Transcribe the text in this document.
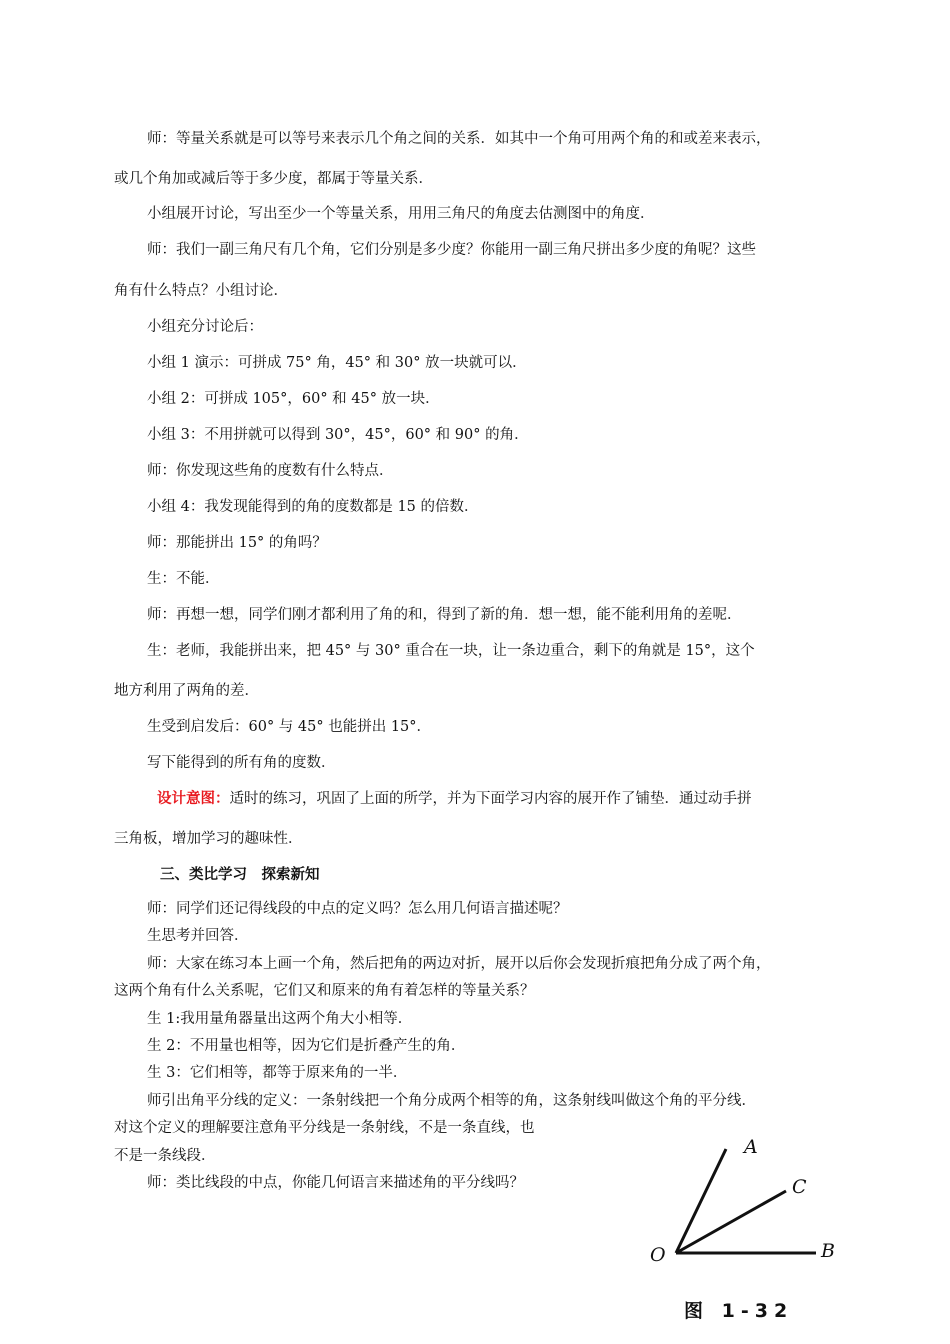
师：等量关系就是可以等号来表示几个角之间的关系．如其中一个角可用两个角的和或差来表示，

或几个角加或减后等于多少度，都属于等量关系．

小组展开讨论，写出至少一个等量关系，用用三角尺的角度去估测图中的角度．

师：我们一副三角尺有几个角，它们分别是多少度？你能用一副三角尺拼出多少度的角呢？这些

角有什么特点？小组讨论．

小组充分讨论后：

小组 1 演示：可拼成 75° 角，45° 和 30° 放一块就可以．

小组 2：可拼成 105°，60° 和 45° 放一块．

小组 3：不用拼就可以得到 30°，45°，60° 和 90° 的角．

师：你发现这些角的度数有什么特点．

小组 4：我发现能得到的角的度数都是 15 的倍数．

师：那能拼出 15° 的角吗？

生：不能．

师：再想一想，同学们刚才都利用了角的和，得到了新的角．想一想，能不能利用角的差呢．

生：老师，我能拼出来，把 45° 与 30° 重合在一块，让一条边重合，剩下的角就是 15°，这个

地方利用了两角的差．

生受到启发后：60° 与 45° 也能拼出 15°．

写下能得到的所有角的度数．

设计意图：适时的练习，巩固了上面的所学，并为下面学习内容的展开作了铺垫．通过动手拼

三角板，增加学习的趣味性．

三、类比学习　探索新知

师：同学们还记得线段的中点的定义吗？怎么用几何语言描述呢？

生思考并回答．

师：大家在练习本上画一个角，然后把角的两边对折，展开以后你会发现折痕把角分成了两个角，

这两个角有什么关系呢，它们又和原来的角有着怎样的等量关系？

生 1:我用量角器量出这两个角大小相等．

生 2：不用量也相等，因为它们是折叠产生的角．

生 3：它们相等，都等于原来角的一半．

师引出角平分线的定义：一条射线把一个角分成两个相等的角，这条射线叫做这个角的平分线．

对这个定义的理解要注意角平分线是一条射线，不是一条直线，也

不是一条线段．

师：类比线段的中点，你能几何语言来描述角的平分线吗？

A
C
O	B
图 1-32
